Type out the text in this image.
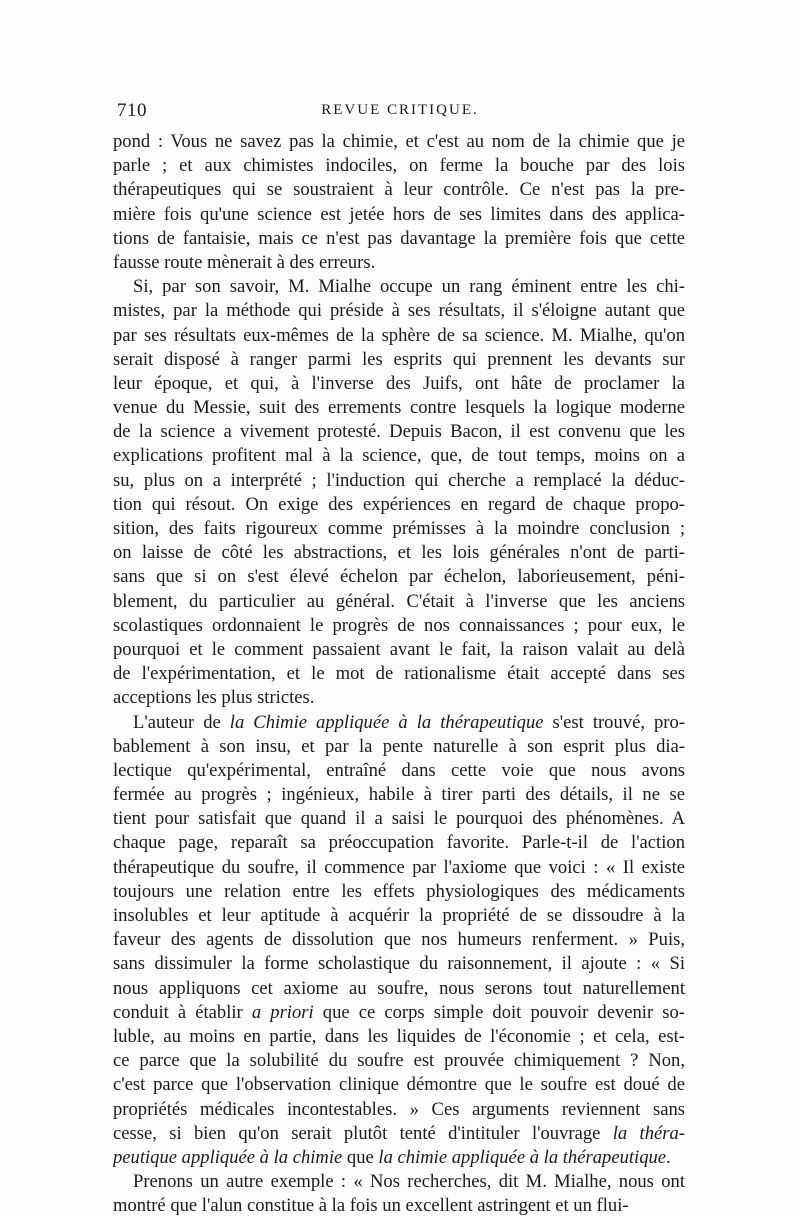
710	REVUE CRITIQUE.
pond : Vous ne savez pas la chimie, et c'est au nom de la chimie que je
parle ; et aux chimistes indociles, on ferme la bouche par des lois
thérapeutiques qui se soustraient à leur contrôle. Ce n'est pas la pre-
mière fois qu'une science est jetée hors de ses limites dans des applica-
tions de fantaisie, mais ce n'est pas davantage la première fois que cette
fausse route mènerait à des erreurs.
Si, par son savoir, M. Mialhe occupe un rang éminent entre les chi-
mistes, par la méthode qui préside à ses résultats, il s'éloigne autant que
par ses résultats eux-mêmes de la sphère de sa science. M. Mialhe, qu'on
serait disposé à ranger parmi les esprits qui prennent les devants sur
leur époque, et qui, à l'inverse des Juifs, ont hâte de proclamer la
venue du Messie, suit des errements contre lesquels la logique moderne
de la science a vivement protesté. Depuis Bacon, il est convenu que les
explications profitent mal à la science, que, de tout temps, moins on a
su, plus on a interprété ; l'induction qui cherche a remplacé la déduc-
tion qui résout. On exige des expériences en regard de chaque propo-
sition, des faits rigoureux comme prémisses à la moindre conclusion ;
on laisse de côté les abstractions, et les lois générales n'ont de parti-
sans que si on s'est élevé échelon par échelon, laborieusement, péni-
blement, du particulier au général. C'était à l'inverse que les anciens
scolastiques ordonnaient le progrès de nos connaissances ; pour eux, le
pourquoi et le comment passaient avant le fait, la raison valait au delà
de l'expérimentation, et le mot de rationalisme était accepté dans ses
acceptions les plus strictes.
L'auteur de la Chimie appliquée à la thérapeutique s'est trouvé, pro-
bablement à son insu, et par la pente naturelle à son esprit plus dia-
lectique qu'expérimental, entraîné dans cette voie que nous avons
fermée au progrès ; ingénieux, habile à tirer parti des détails, il ne se
tient pour satisfait que quand il a saisi le pourquoi des phénomènes. A
chaque page, reparaît sa préoccupation favorite. Parle-t-il de l'action
thérapeutique du soufre, il commence par l'axiome que voici : « Il existe
toujours une relation entre les effets physiologiques des médicaments
insolubles et leur aptitude à acquérir la propriété de se dissoudre à la
faveur des agents de dissolution que nos humeurs renferment. » Puis,
sans dissimuler la forme scholastique du raisonnement, il ajoute : « Si
nous appliquons cet axiome au soufre, nous serons tout naturellement
conduit à établir a priori que ce corps simple doit pouvoir devenir so-
luble, au moins en partie, dans les liquides de l'économie ; et cela, est-
ce parce que la solubilité du soufre est prouvée chimiquement ? Non,
c'est parce que l'observation clinique démontre que le soufre est doué de
propriétés médicales incontestables. » Ces arguments reviennent sans
cesse, si bien qu'on serait plutôt tenté d'intituler l'ouvrage la théra-
peutique appliquée à la chimie que la chimie appliquée à la thérapeutique.
Prenons un autre exemple : « Nos recherches, dit M. Mialhe, nous ont
montré que l'alun constitue à la fois un excellent astringent et un flui-
